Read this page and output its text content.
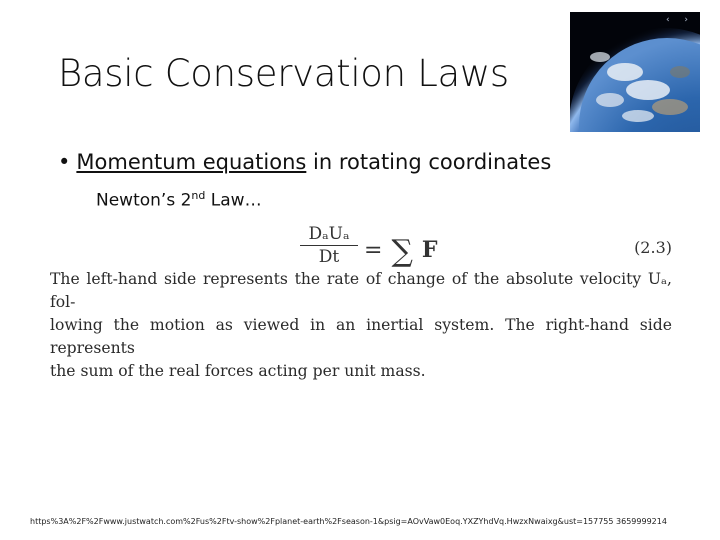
Basic Conservation Laws
‹ ›
• Momentum equations in rotating coordinates
Newton’s 2nd Law…
DₐUₐ
Dt	= ∑ F	(2.3)
The left-hand side represents the rate of change of the absolute velocity Uₐ, fol-
lowing the motion as viewed in an inertial system. The right-hand side represents
the sum of the real forces acting per unit mass.
https%3A%2F%2Fwww.justwatch.com%2Fus%2Ftv-show%2Fplanet-earth%2Fseason-1&psig=AOvVaw0Eoq.YXZYhdVq.HwzxNwaixg&ust=157755 3659999214
